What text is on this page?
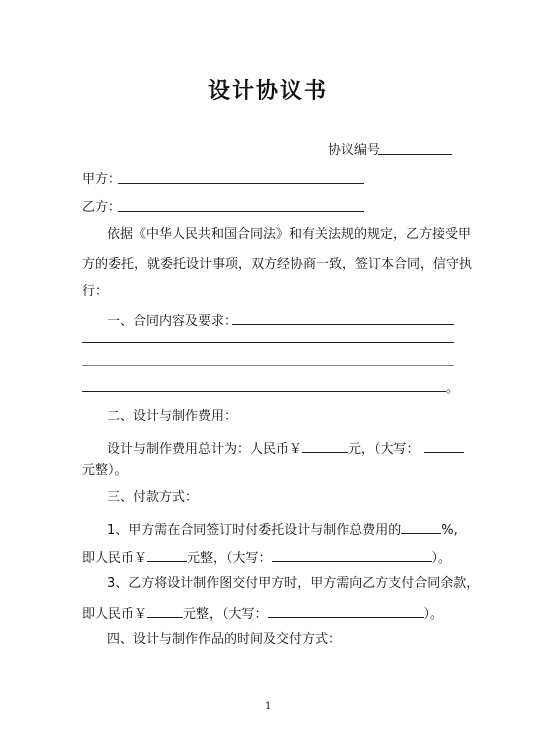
设计协议书
协议编号
甲方：
乙方：
依据《中华人民共和国合同法》和有关法规的规定，乙方接受甲
方的委托，就委托设计事项，双方经协商一致，签订本合同，信守执
行：
一、合同内容及要求：
。
二、设计与制作费用：
设计与制作费用总计为：人民币￥	元，（大写：
元整）。
三、付款方式：
1、甲方需在合同签订时付委托设计与制作总费用的	%,
即人民币￥	元整，（大写：	）。
3、乙方将设计制作图交付甲方时，甲方需向乙方支付合同余款，
即人民币￥	元整，（大写：	）。
四、设计与制作作品的时间及交付方式：
1
